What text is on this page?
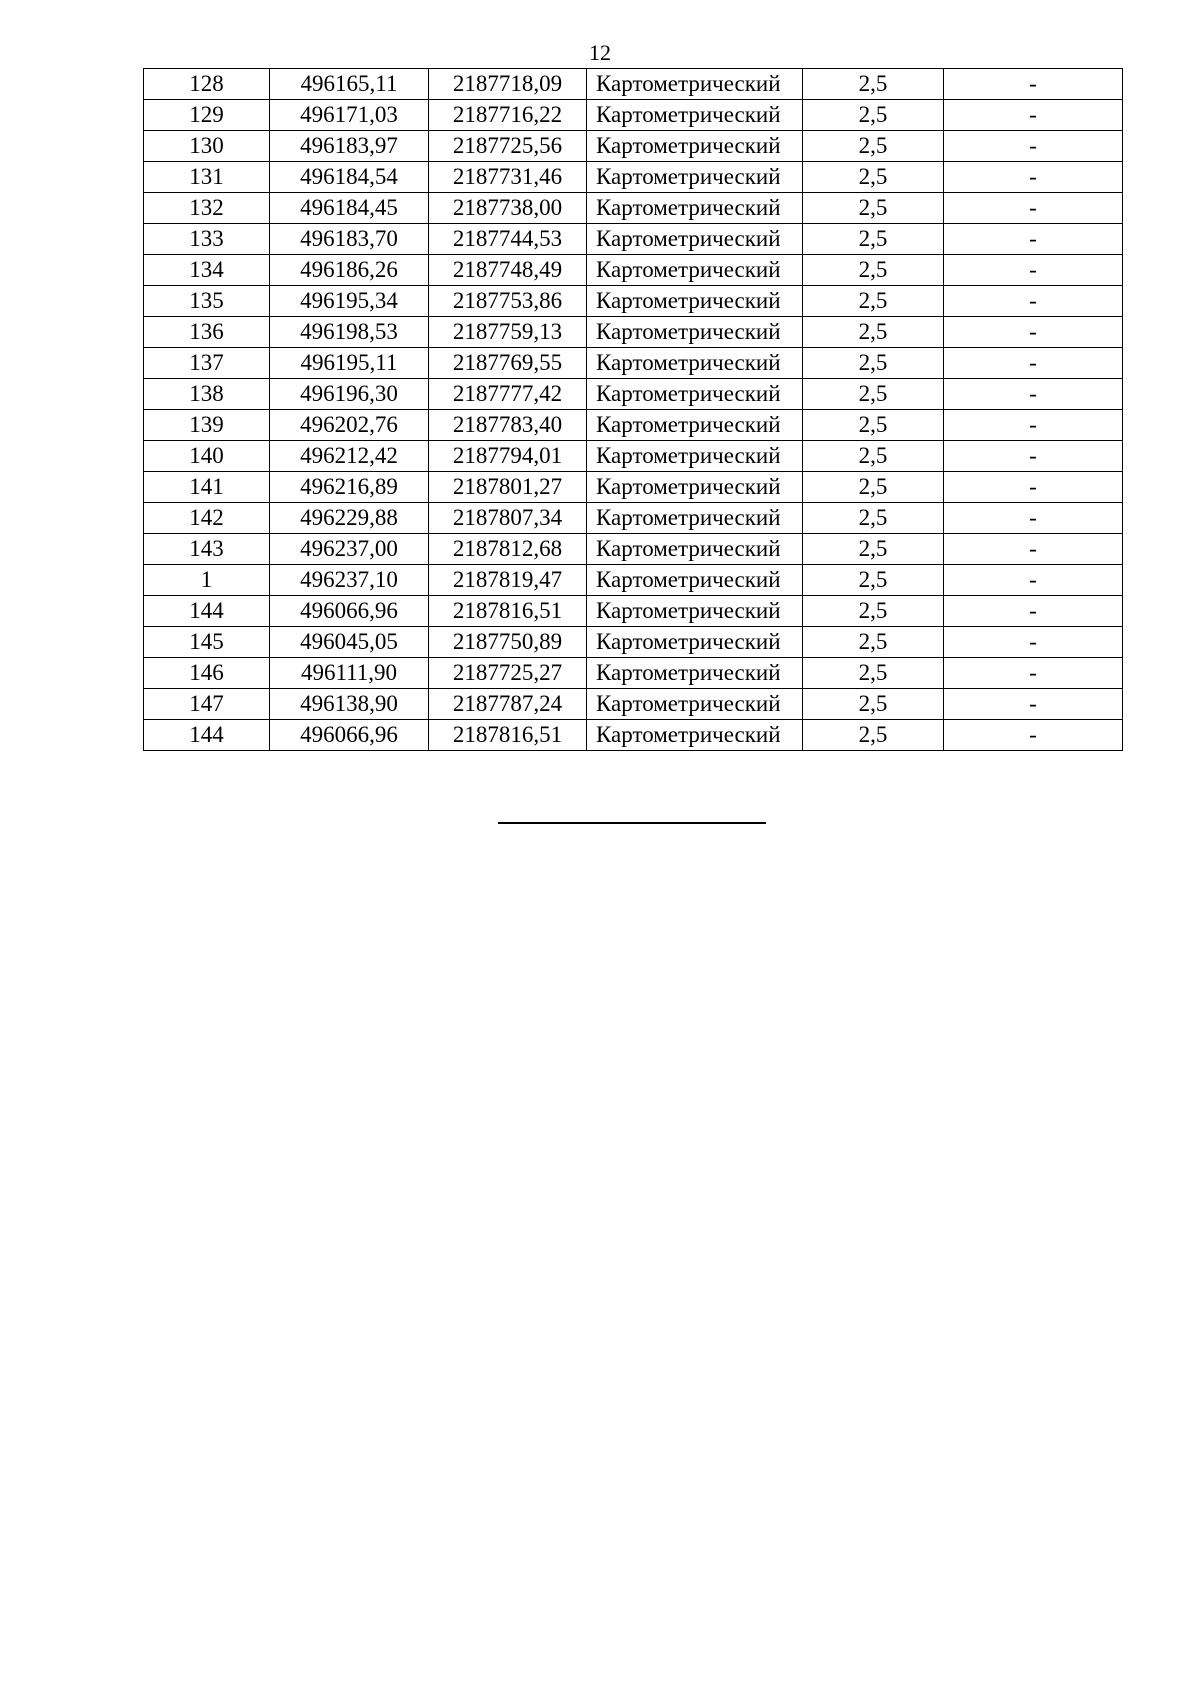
12
128	496165,11	2187718,09	Картометрический	2,5	-
129	496171,03	2187716,22	Картометрический	2,5	-
130	496183,97	2187725,56	Картометрический	2,5	-
131	496184,54	2187731,46	Картометрический	2,5	-
132	496184,45	2187738,00	Картометрический	2,5	-
133	496183,70	2187744,53	Картометрический	2,5	-
134	496186,26	2187748,49	Картометрический	2,5	-
135	496195,34	2187753,86	Картометрический	2,5	-
136	496198,53	2187759,13	Картометрический	2,5	-
137	496195,11	2187769,55	Картометрический	2,5	-
138	496196,30	2187777,42	Картометрический	2,5	-
139	496202,76	2187783,40	Картометрический	2,5	-
140	496212,42	2187794,01	Картометрический	2,5	-
141	496216,89	2187801,27	Картометрический	2,5	-
142	496229,88	2187807,34	Картометрический	2,5	-
143	496237,00	2187812,68	Картометрический	2,5	-
1	496237,10	2187819,47	Картометрический	2,5	-
144	496066,96	2187816,51	Картометрический	2,5	-
145	496045,05	2187750,89	Картометрический	2,5	-
146	496111,90	2187725,27	Картометрический	2,5	-
147	496138,90	2187787,24	Картометрический	2,5	-
144	496066,96	2187816,51	Картометрический	2,5	-
